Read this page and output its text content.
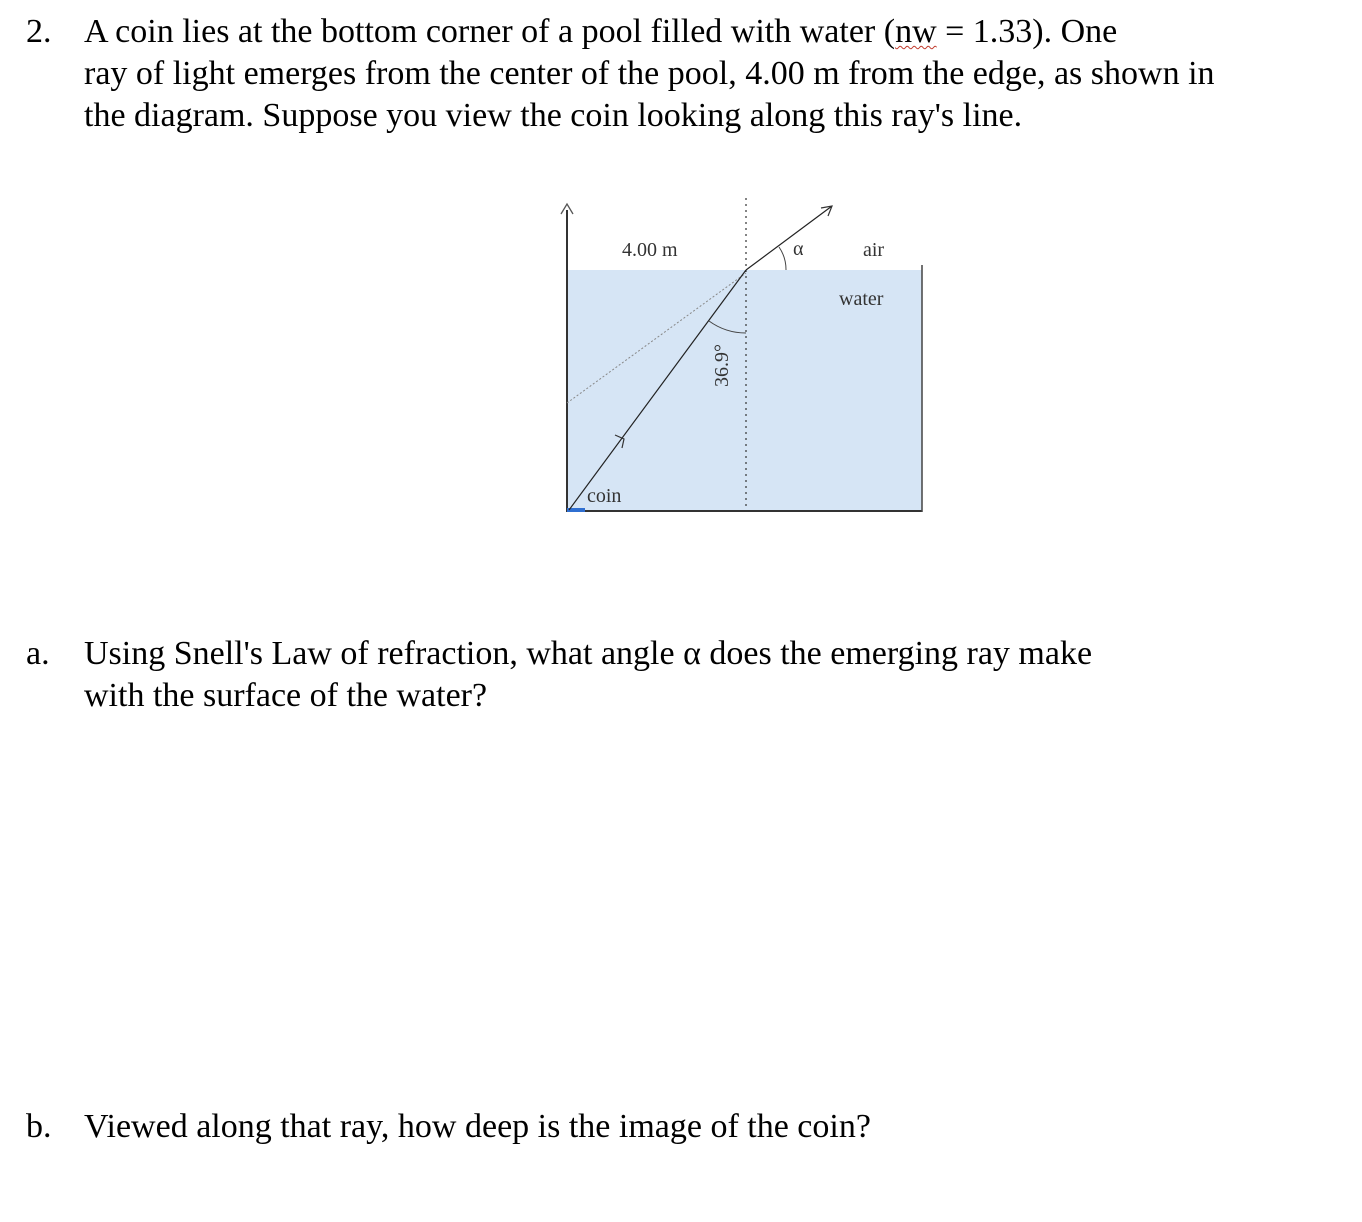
2. A coin lies at the bottom corner of a pool filled with water (nw = 1.33). One
ray of light emerges from the center of the pool, 4.00 m from the edge, as shown in
the diagram. Suppose you view the coin looking along this ray's line.
4.00 m	α	air
water
36.9°
coin
a. Using Snell's Law of refraction, what angle α does the emerging ray make
with the surface of the water?
b. Viewed along that ray, how deep is the image of the coin?
